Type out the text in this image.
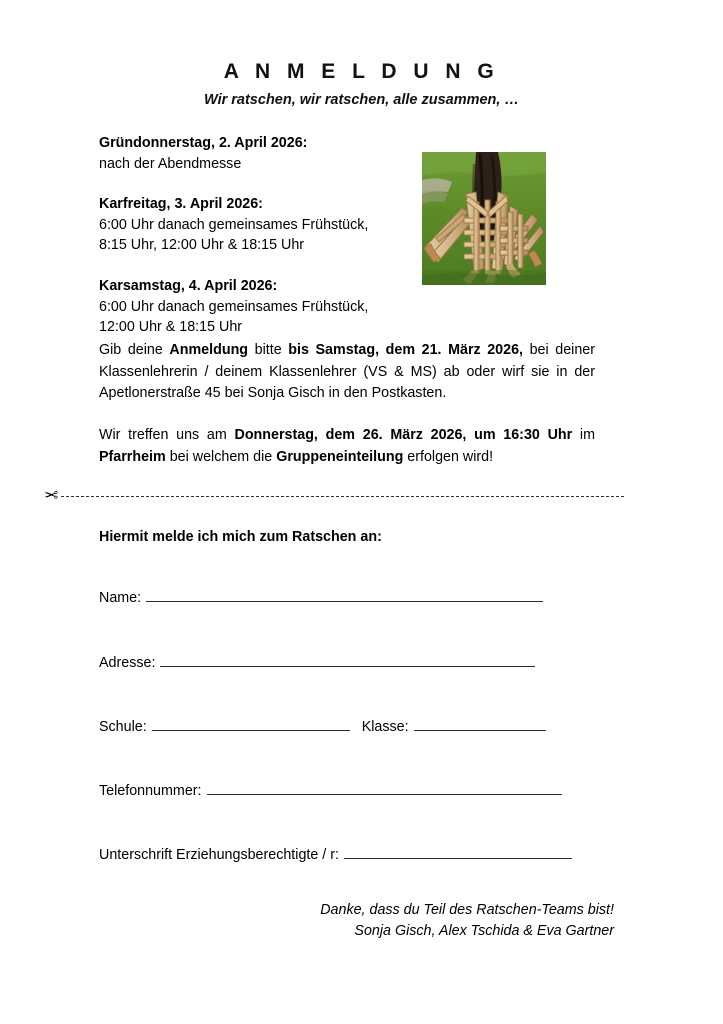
A N M E L D U N G
Wir ratschen, wir ratschen, alle zusammen, …
Gründonnerstag, 2. April 2026:
nach der Abendmesse
Karfreitag, 3. April 2026:
6:00 Uhr danach gemeinsames Frühstück,
8:15 Uhr, 12:00 Uhr & 18:15 Uhr
Karsamstag, 4. April 2026:
6:00 Uhr danach gemeinsames Frühstück,
12:00 Uhr & 18:15 Uhr
Gib deine Anmeldung bitte bis Samstag, dem 21. März 2026, bei deiner Klassenlehrerin / deinem Klassenlehrer (VS & MS) ab oder wirf sie in der Apetlonerstraße 45 bei Sonja Gisch in den Postkasten.
Wir treffen uns am Donnerstag, dem 26. März 2026, um 16:30 Uhr im Pfarrheim bei welchem die Gruppeneinteilung erfolgen wird!
✂
Hiermit melde ich mich zum Ratschen an:
Name:
Adresse:
Schule:	Klasse:
Telefonnummer:
Unterschrift Erziehungsberechtigte / r:
Danke, dass du Teil des Ratschen-Teams bist!
Sonja Gisch, Alex Tschida & Eva Gartner
